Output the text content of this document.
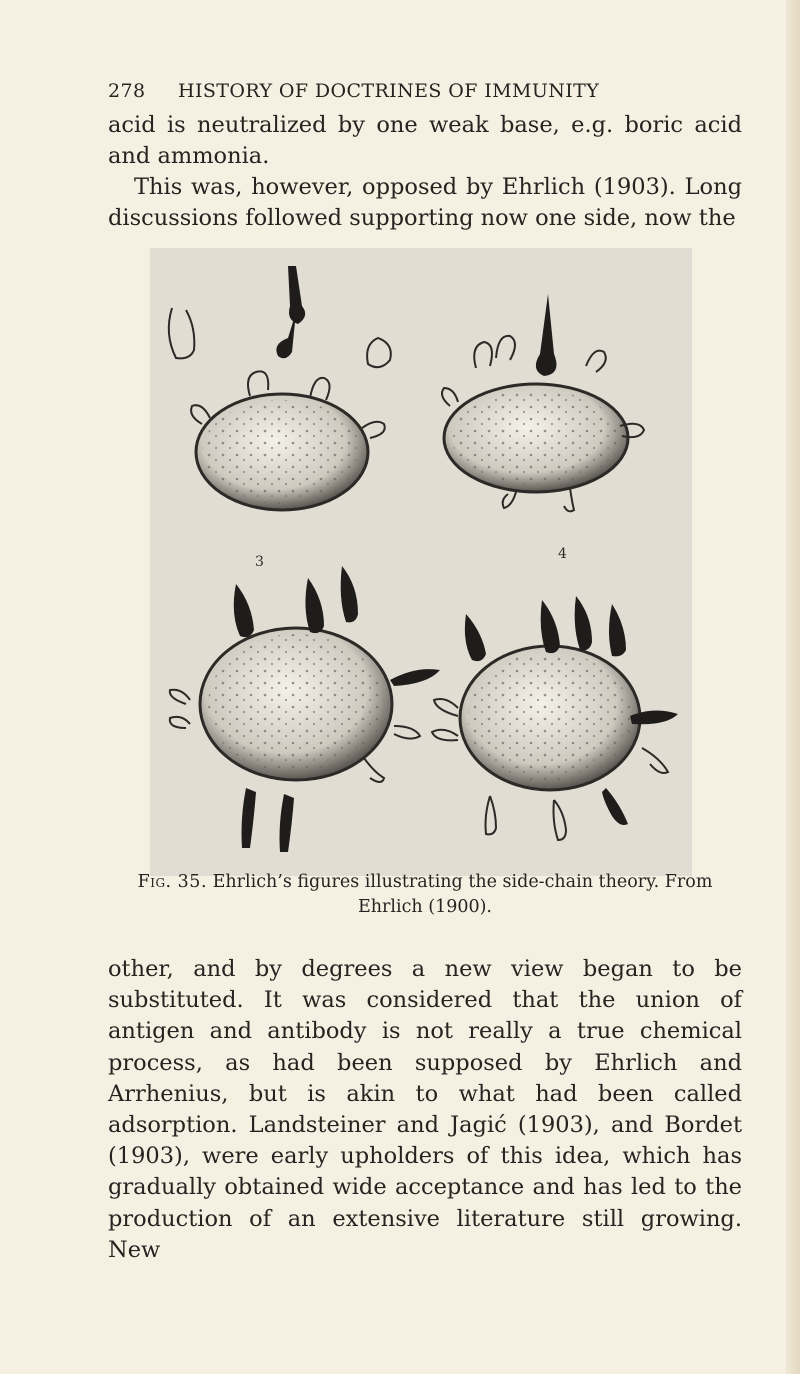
278 HISTORY OF DOCTRINES OF IMMUNITY

acid is neutralized by one weak base, e.g. boric acid and ammonia.

This was, however, opposed by Ehrlich (1903). Long discussions followed supporting now one side, now the

3	4
Fig. 35. Ehrlich’s figures illustrating the side-chain theory. From Ehrlich (1900).

other, and by degrees a new view began to be substituted. It was considered that the union of antigen and antibody is not really a true chemical process, as had been supposed by Ehrlich and Arrhenius, but is akin to what had been called adsorption. Landsteiner and Jagić (1903), and Bordet (1903), were early upholders of this idea, which has gradually obtained wide acceptance and has led to the production of an extensive literature still growing. New
